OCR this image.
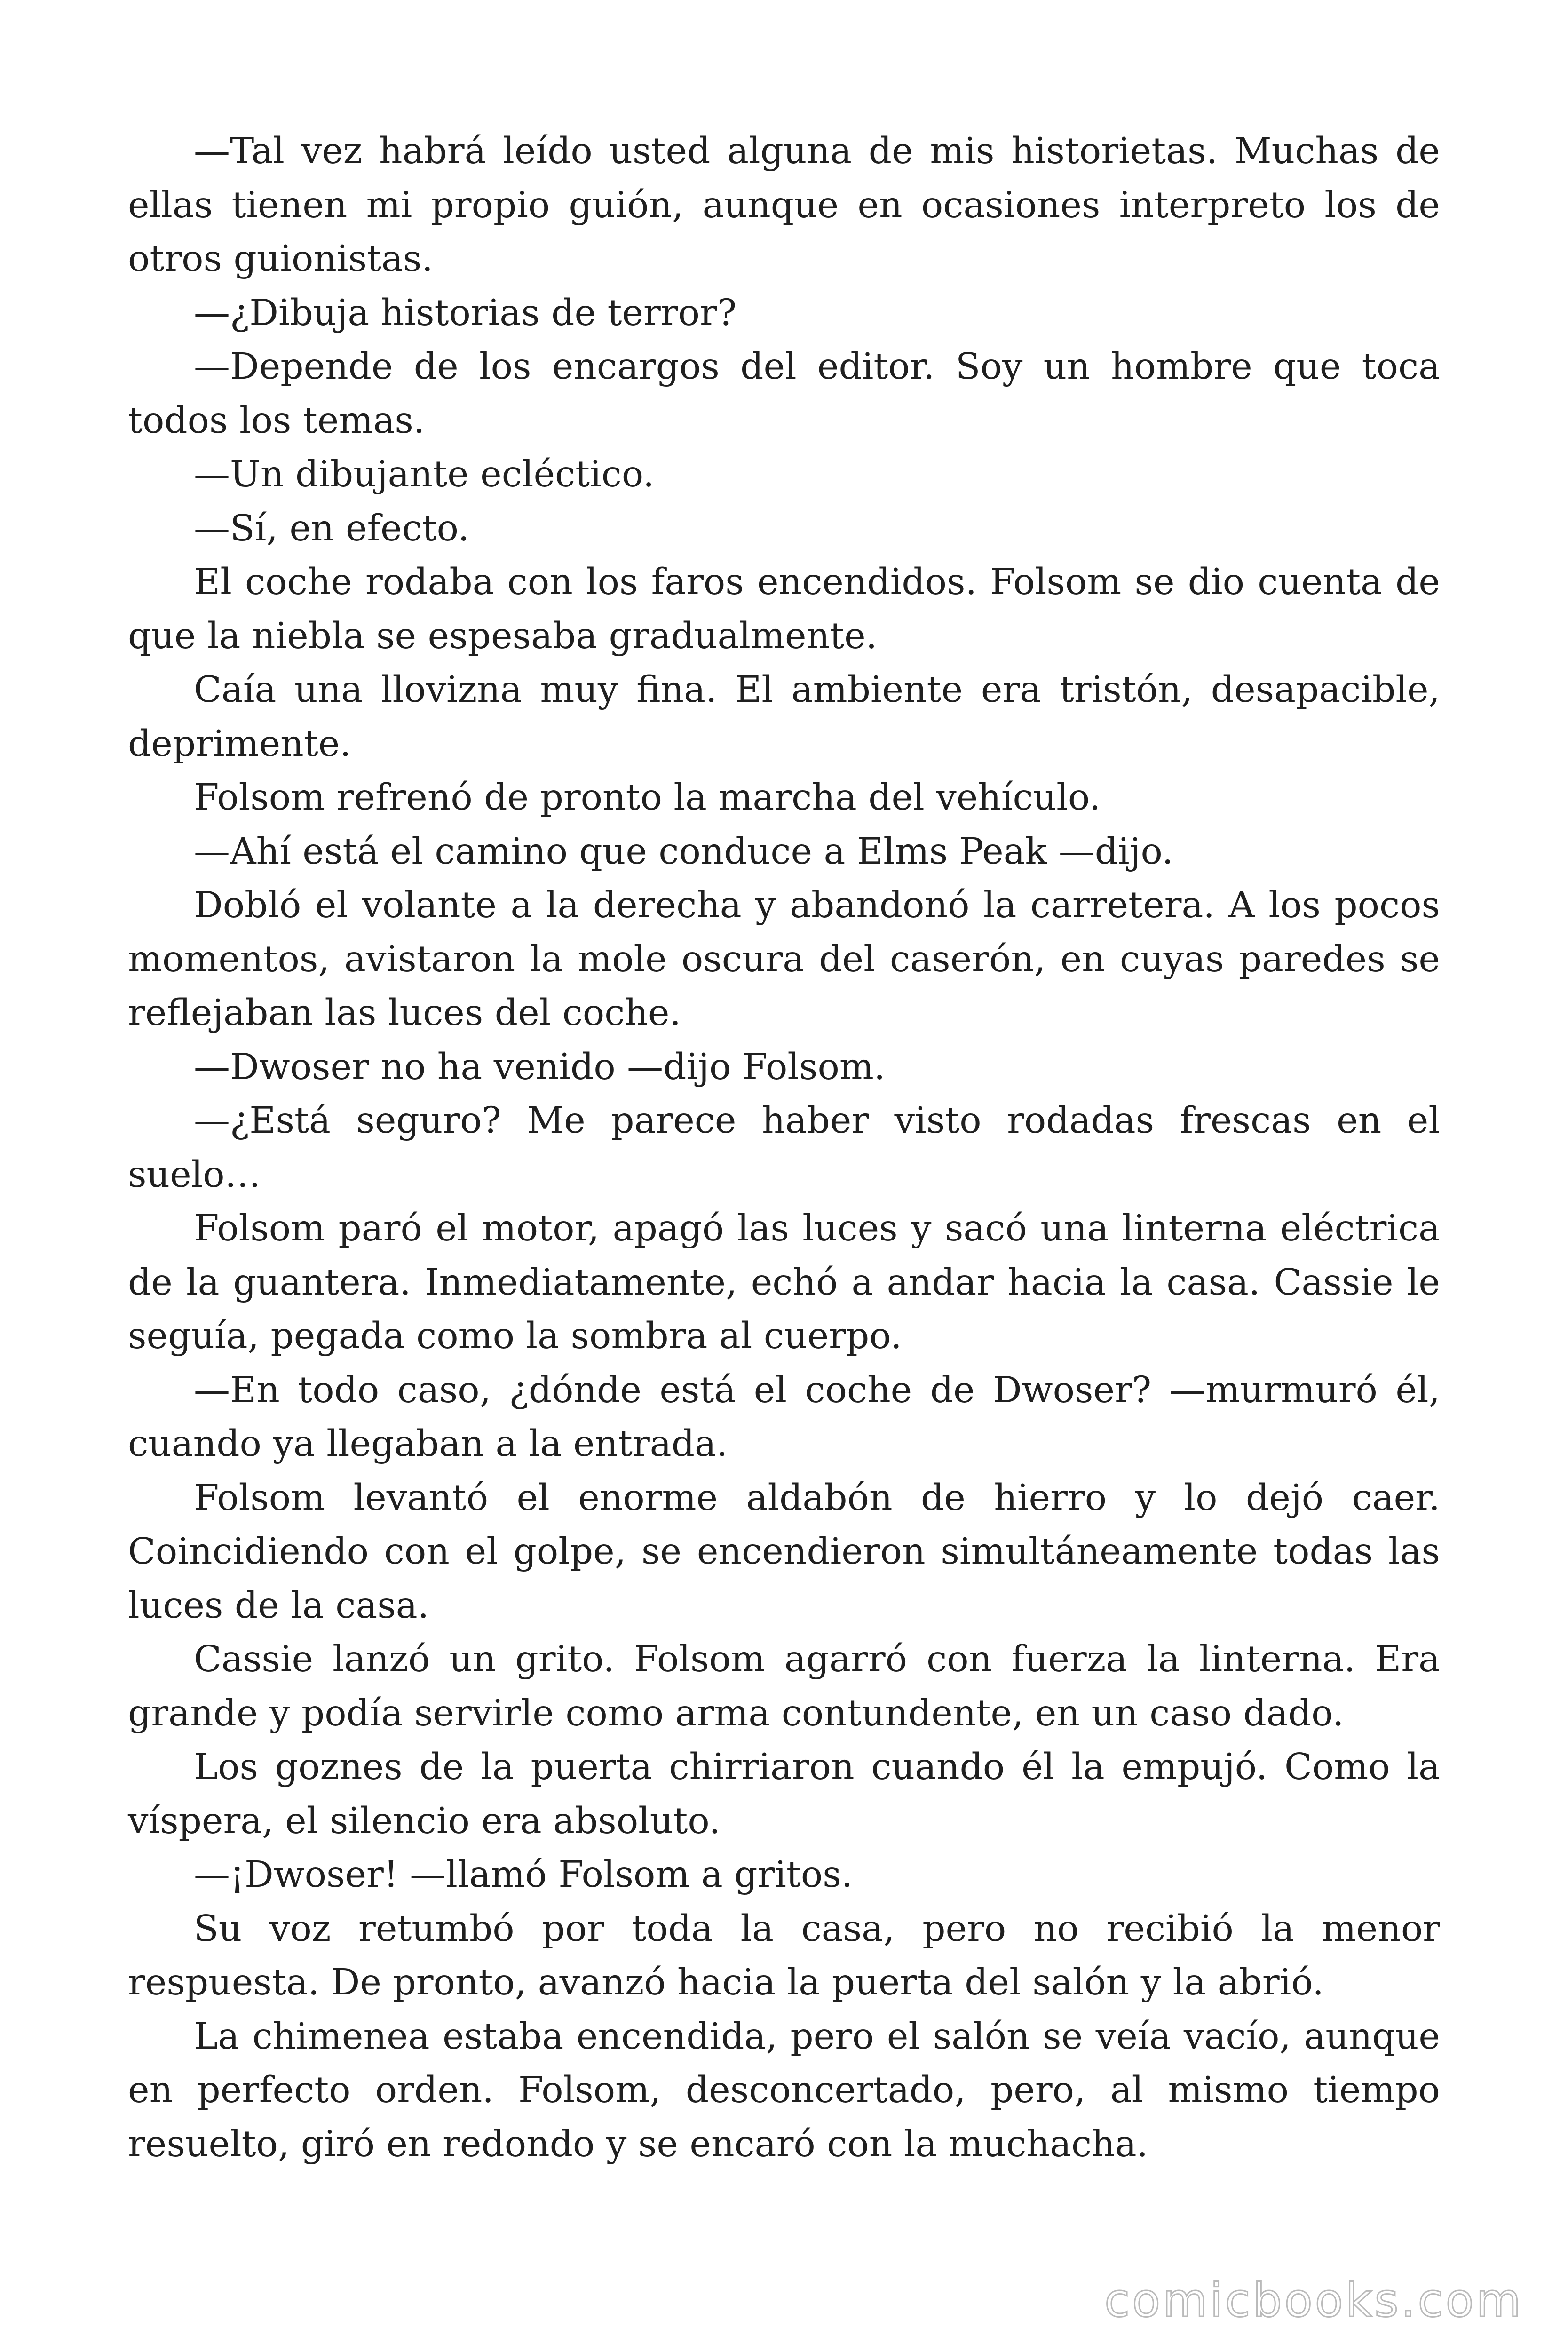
—Tal vez habrá leído usted alguna de mis historietas. Muchas de ellas tienen mi propio guión, aunque en ocasiones interpreto los de otros guionistas.

—¿Dibuja historias de terror?

—Depende de los encargos del editor. Soy un hombre que toca todos los temas.

—Un dibujante ecléctico.

—Sí, en efecto.

El coche rodaba con los faros encendidos. Folsom se dio cuenta de que la niebla se espesaba gradualmente.

Caía una llovizna muy fina. El ambiente era tristón, desapacible, deprimente.

Folsom refrenó de pronto la marcha del vehículo.

—Ahí está el camino que conduce a Elms Peak —dijo.

Dobló el volante a la derecha y abandonó la carretera. A los pocos momentos, avistaron la mole oscura del caserón, en cuyas paredes se reflejaban las luces del coche.

—Dwoser no ha venido —dijo Folsom.

—¿Está seguro? Me parece haber visto rodadas frescas en el suelo…

Folsom paró el motor, apagó las luces y sacó una linterna eléctrica de la guantera. Inmediatamente, echó a andar hacia la casa. Cassie le seguía, pegada como la sombra al cuerpo.

—En todo caso, ¿dónde está el coche de Dwoser? —murmuró él, cuando ya llegaban a la entrada.

Folsom levantó el enorme aldabón de hierro y lo dejó caer. Coincidiendo con el golpe, se encendieron simultáneamente todas las luces de la casa.

Cassie lanzó un grito. Folsom agarró con fuerza la linterna. Era grande y podía servirle como arma contundente, en un caso dado.

Los goznes de la puerta chirriaron cuando él la empujó. Como la víspera, el silencio era absoluto.

—¡Dwoser! —llamó Folsom a gritos.

Su voz retumbó por toda la casa, pero no recibió la menor respuesta. De pronto, avanzó hacia la puerta del salón y la abrió.

La chimenea estaba encendida, pero el salón se veía vacío, aunque en perfecto orden. Folsom, desconcertado, pero, al mismo tiempo resuelto, giró en redondo y se encaró con la muchacha.

comicbooks.com
